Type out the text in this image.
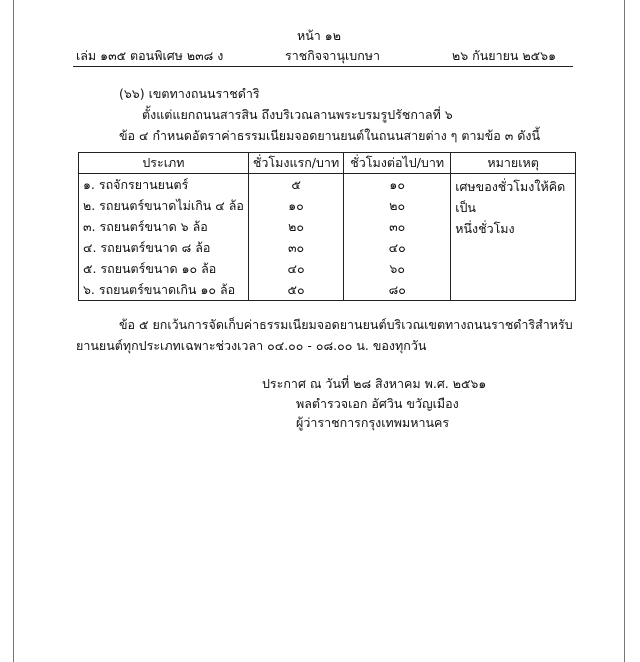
หน้า ๑๒
เล่ม ๑๓๕ ตอนพิเศษ ๒๓๘ ง	ราชกิจจานุเบกษา	๒๖ กันยายน ๒๕๖๑
(๖๖) เขตทางถนนราชดำริ
ตั้งแต่แยกถนนสารสิน ถึงบริเวณลานพระบรมรูปรัชกาลที่ ๖
ข้อ ๔ กำหนดอัตราค่าธรรมเนียมจอดยานยนต์ในถนนสายต่าง ๆ ตามข้อ ๓ ดังนี้
ประเภท	ชั่วโมงแรก/บาท	ชั่วโมงต่อไป/บาท	หมายเหตุ
๑. รถจักรยานยนตร์	๕	๑๐	เศษของชั่วโมงให้คิดเป็น
หนึ่งชั่วโมง

๒. รถยนตร์ขนาดไม่เกิน ๔ ล้อ	๑๐	๒๐	
๓. รถยนตร์ขนาด ๖ ล้อ	๒๐	๓๐	
๔. รถยนตร์ขนาด ๘ ล้อ	๓๐	๔๐	
๕. รถยนตร์ขนาด ๑๐ ล้อ	๔๐	๖๐	
๖. รถยนตร์ขนาดเกิน ๑๐ ล้อ	๕๐	๘๐	
ข้อ ๕ ยกเว้นการจัดเก็บค่าธรรมเนียมจอดยานยนต์บริเวณเขตทางถนนราชดำริสำหรับ
ยานยนต์ทุกประเภทเฉพาะช่วงเวลา ๐๔.๐๐ - ๐๘.๐๐ น. ของทุกวัน
ประกาศ ณ วันที่ ๒๘ สิงหาคม พ.ศ. ๒๕๖๑
พลตำรวจเอก อัศวิน ขวัญเมือง
ผู้ว่าราชการกรุงเทพมหานคร
